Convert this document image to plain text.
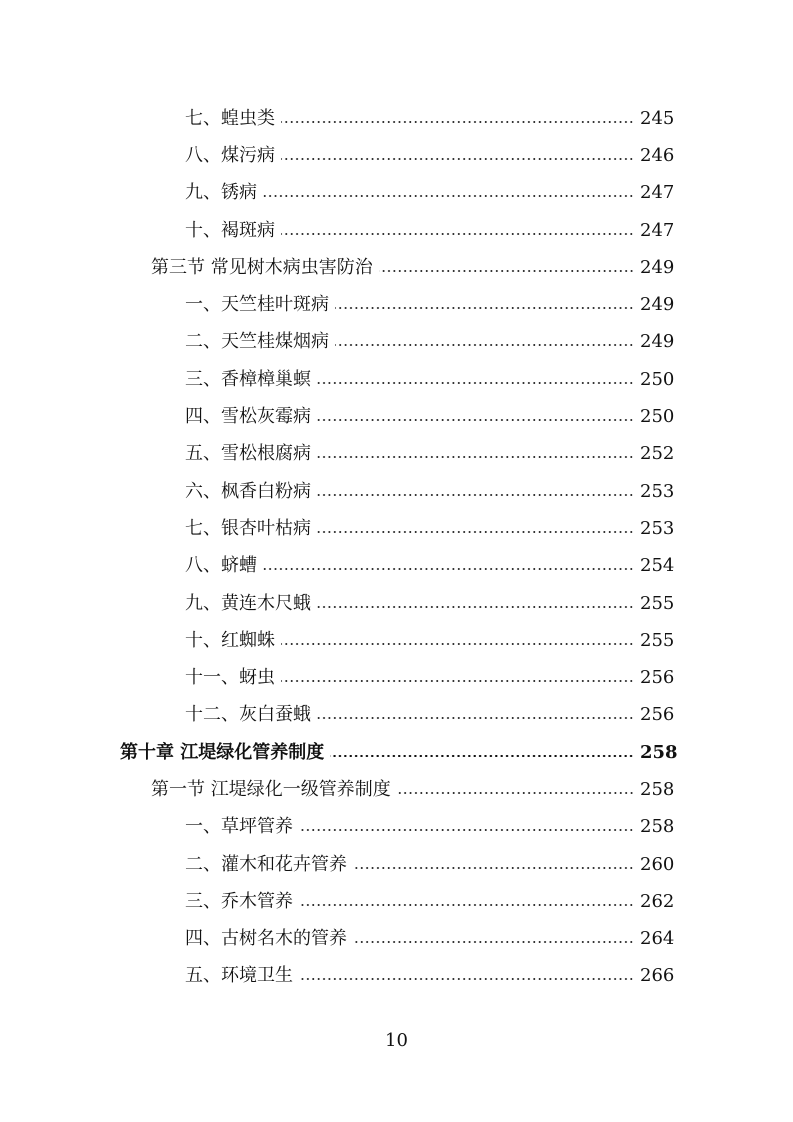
七、蝗虫类	245
八、煤污病	246
九、锈病	247
十、褐斑病	247
第三节 常见树木病虫害防治	249
一、天竺桂叶斑病	249
二、天竺桂煤烟病	249
三、香樟樟巢螟	250
四、雪松灰霉病	250
五、雪松根腐病	252
六、枫香白粉病	253
七、银杏叶枯病	253
八、蛴螬	254
九、黄连木尺蛾	255
十、红蜘蛛	255
十一、蚜虫	256
十二、灰白蚕蛾	256
第十章 江堤绿化管养制度	258
第一节 江堤绿化一级管养制度	258
一、草坪管养	258
二、灌木和花卉管养	260
三、乔木管养	262
四、古树名木的管养	264
五、环境卫生	266
10
